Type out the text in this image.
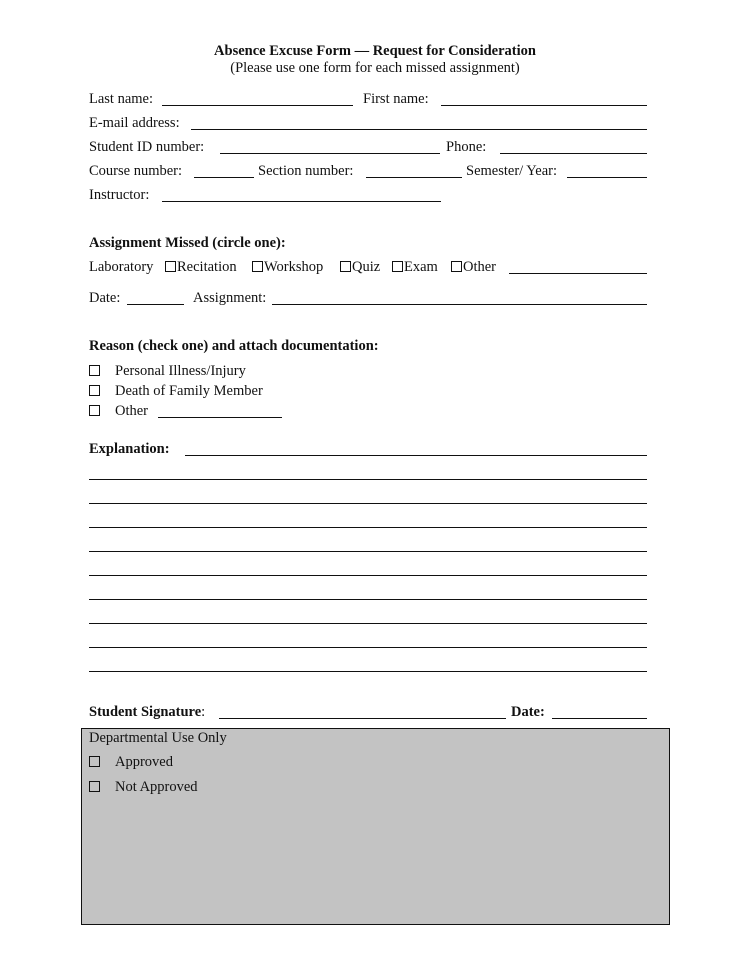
Absence Excuse Form — Request for Consideration
(Please use one form for each missed assignment)
Last name:	First name:
E-mail address:
Student ID number:	Phone:
Course number:	Section number:	Semester/ Year:
Instructor:
Assignment Missed (circle one):
Laboratory	Recitation	Workshop	Quiz	Exam	Other
Date:	Assignment:
Reason (check one) and attach documentation:
Personal Illness/Injury
Death of Family Member
Other
Explanation:
Student Signature:	Date:
Departmental Use Only
Approved
Not Approved
